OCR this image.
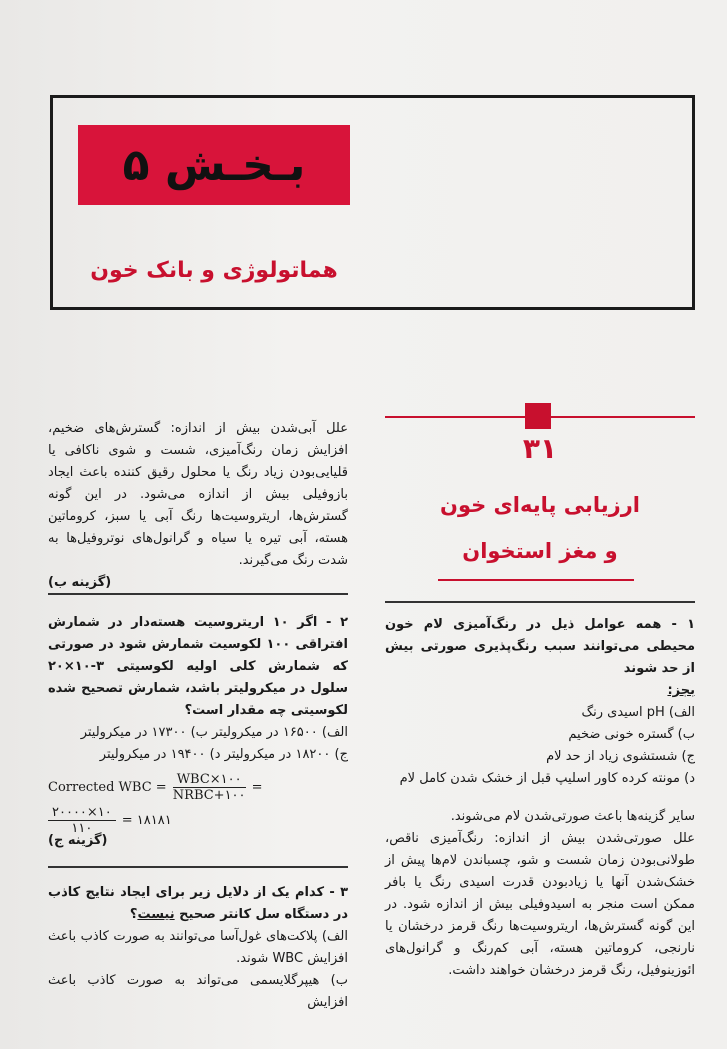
بـخـش ۵
هماتولوژی و بانک خون
۳۱
ارزیابی پایه‌ای خون
و مغز استخوان
علل آبی‌شدن بیش از اندازه: گسترش‌های ضخیم، افزایش زمان رنگ‌آمیزی، شست و شوی ناکافی یا قلیایی‌بودن زیاد رنگ یا محلول رقیق کننده باعث ایجاد بازوفیلی بیش از اندازه می‌شود. در این گونه گسترش‌ها، اریتروسیت‌ها رنگ آبی یا سبز، کروماتین هسته، آبی تیره یا سیاه و گرانول‌های نوتروفیل‌ها به شدت رنگ می‌گیرند.
(گزینه ب)
۲ - اگر ۱۰ اریتروسیت هسته‌دار در شمارش افتراقی ۱۰۰ لکوسیت شمارش شود در صورتی که شمارش کلی اولیه لکوسیتی ۳-۱۰×۲۰ سلول در میکرولیتر باشد، شمارش تصحیح شده لکوسیتی چه مقدار است؟

الف) ۱۶۵۰۰ در میکرولیتر ب) ۱۷۳۰۰ در میکرولیتر

ج) ۱۸۲۰۰ در میکرولیتر د) ۱۹۴۰۰ در میکرولیتر

Corrected WBC = $\frac{\text{WBC×۱۰۰}}{\text{NRBC+۱۰۰}}$ =
$\frac{۲۰۰۰۰\times ۱۰}{۱۱۰}$ = ۱۸۱۸۱
(گزینه ج)
۳ - کدام یک از دلایل زیر برای ایجاد نتایج کاذب در دستگاه سل کانتر صحیح نیست؟

الف) پلاکت‌های غول‌آسا می‌توانند به صورت کاذب باعث افزایش WBC شوند.

ب) هیپرگلایسمی می‌تواند به صورت کاذب باعث افزایش

۱ - همه عوامل ذیل در رنگ‌آمیزی لام خون محیطی می‌توانند سبب رنگ‌پذیری صورتی بیش از حد شوند
بجز:

الف) pH اسیدی رنگ

ب) گستره خونی ضخیم

ج) شستشوی زیاد از حد لام

د) مونته کرده کاور اسلیپ قبل از خشک شدن کامل لام

سایر گزینه‌ها باعث صورتی‌شدن لام می‌شوند.
علل صورتی‌شدن بیش از اندازه: رنگ‌آمیزی ناقص، طولانی‌بودن زمان شست و شو، چسباندن لام‌ها پیش از خشک‌شدن آنها یا زیادبودن قدرت اسیدی رنگ یا بافر ممکن است منجر به اسیدوفیلی بیش از اندازه شود. در این گونه گسترش‌ها، اریتروسیت‌ها رنگ قرمز درخشان یا نارنجی، کروماتین هسته، آبی کم‌رنگ و گرانول‌های ائوزینوفیل، رنگ قرمز درخشان خواهند داشت.
